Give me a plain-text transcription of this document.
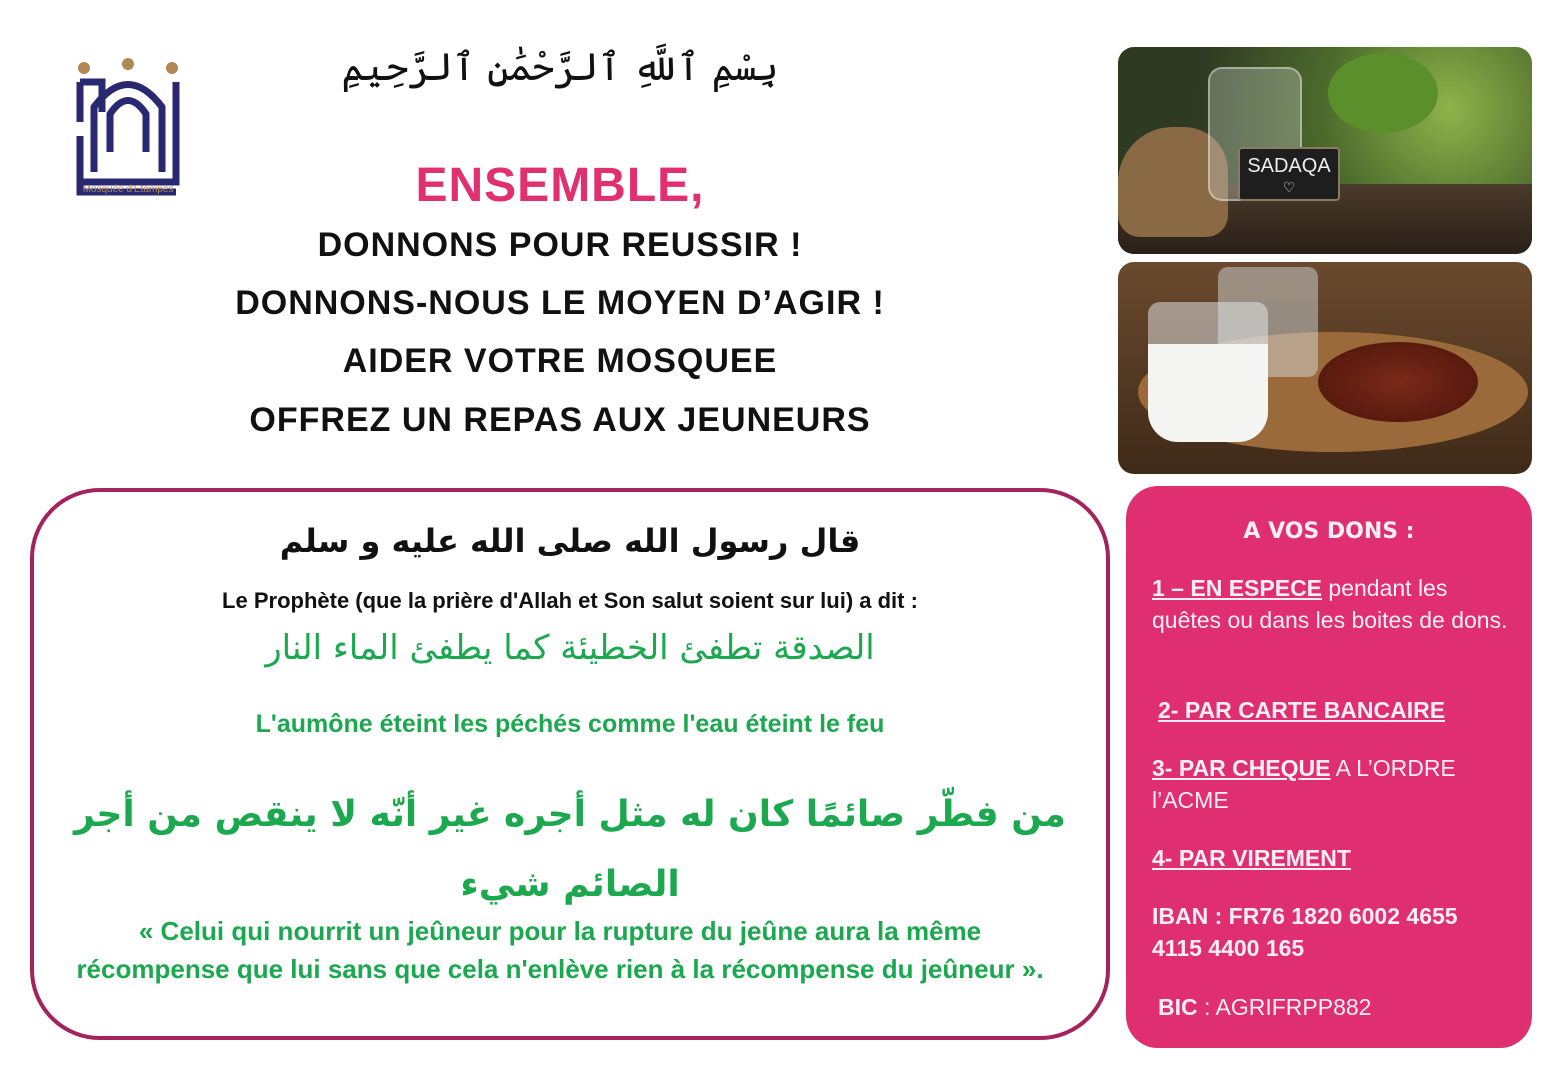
Mosquée d'Etampes
بِسْمِ ٱللَّهِ ٱلرَّحْمَٰنِ ٱلرَّحِيمِ
ENSEMBLE,
DONNONS POUR REUSSIR !
DONNONS-NOUS LE MOYEN D’AGIR !
AIDER VOTRE MOSQUEE
OFFREZ UN REPAS AUX JEUNEURS
قال رسول الله صلى الله عليه و سلم
Le Prophète (que la prière d'Allah et Son salut soient sur lui) a dit :
الصدقة تطفئ الخطيئة كما يطفئ الماء النار
L'aumône éteint les péchés comme l'eau éteint le feu
من فطّر صائمًا كان له مثل أجره غير أنّه لا ينقص من أجر الصائم شيء
« Celui qui nourrit un jeûneur pour la rupture du jeûne aura la même récompense que lui sans que cela n'enlève rien à la récompense du jeûneur ».
SADAQA
♡
A VOS DONS :
1 – EN ESPECE pendant les quêtes ou dans les boites de dons.
2- PAR CARTE BANCAIRE
3- PAR CHEQUE A L’ORDRE l’ACME
4- PAR VIREMENT
IBAN : FR76 1820 6002 4655 4115 4400 165
BIC : AGRIFRPP882
